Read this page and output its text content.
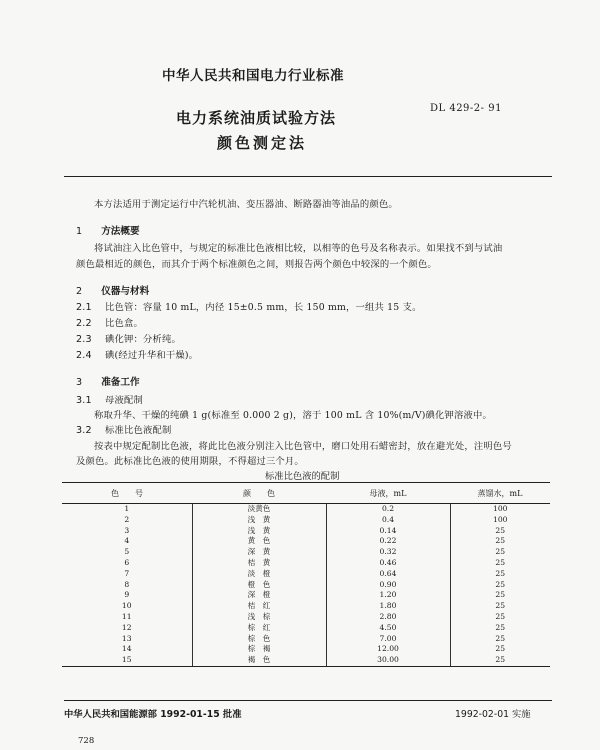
中华人民共和国电力行业标准
DL 429-2- 91
电力系统油质试验方法
颜色测定法
本方法适用于测定运行中汽轮机油、变压器油、断路器油等油品的颜色。
1 方法概要
将试油注入比色管中，与规定的标准比色液相比较，以相等的色号及名称表示。如果找不到与试油
颜色最相近的颜色，而其介于两个标准颜色之间，则报告两个颜色中较深的一个颜色。
2 仪器与材料
2.1 比色管：容量 10 mL，内径 15±0.5 mm，长 150 mm，一组共 15 支。
2.2 比色盒。
2.3 碘化钾：分析纯。
2.4 碘(经过升华和干燥)。
3 准备工作
3.1 母液配制
称取升华、干燥的纯碘 1 g(标准至 0.000 2 g)，溶于 100 mL 含 10%(m/V)碘化钾溶液中。
3.2 标准比色液配制
按表中规定配制比色液，将此比色液分别注入比色管中，磨口处用石蜡密封，放在避光处，注明色号
及颜色。此标准比色液的使用期限，不得超过三个月。
标准比色液的配制
色　　号	颜　　色	母液，mL	蒸馏水，mL
1	淡黄色	0.2	100
2	浅　黄	0.4	100
3	浅　黄	0.14	25
4	黄　色	0.22	25
5	深　黄	0.32	25
6	桔　黄	0.46	25
7	淡　橙	0.64	25
8	橙　色	0.90	25
9	深　橙	1.20	25
10	桔　红	1.80	25
11	浅　棕	2.80	25
12	棕　红	4.50	25
13	棕　色	7.00	25
14	棕　褐	12.00	25
15	褐　色	30.00	25
中华人民共和国能源部 1992-01-15 批准	1992-02-01 实施
728
